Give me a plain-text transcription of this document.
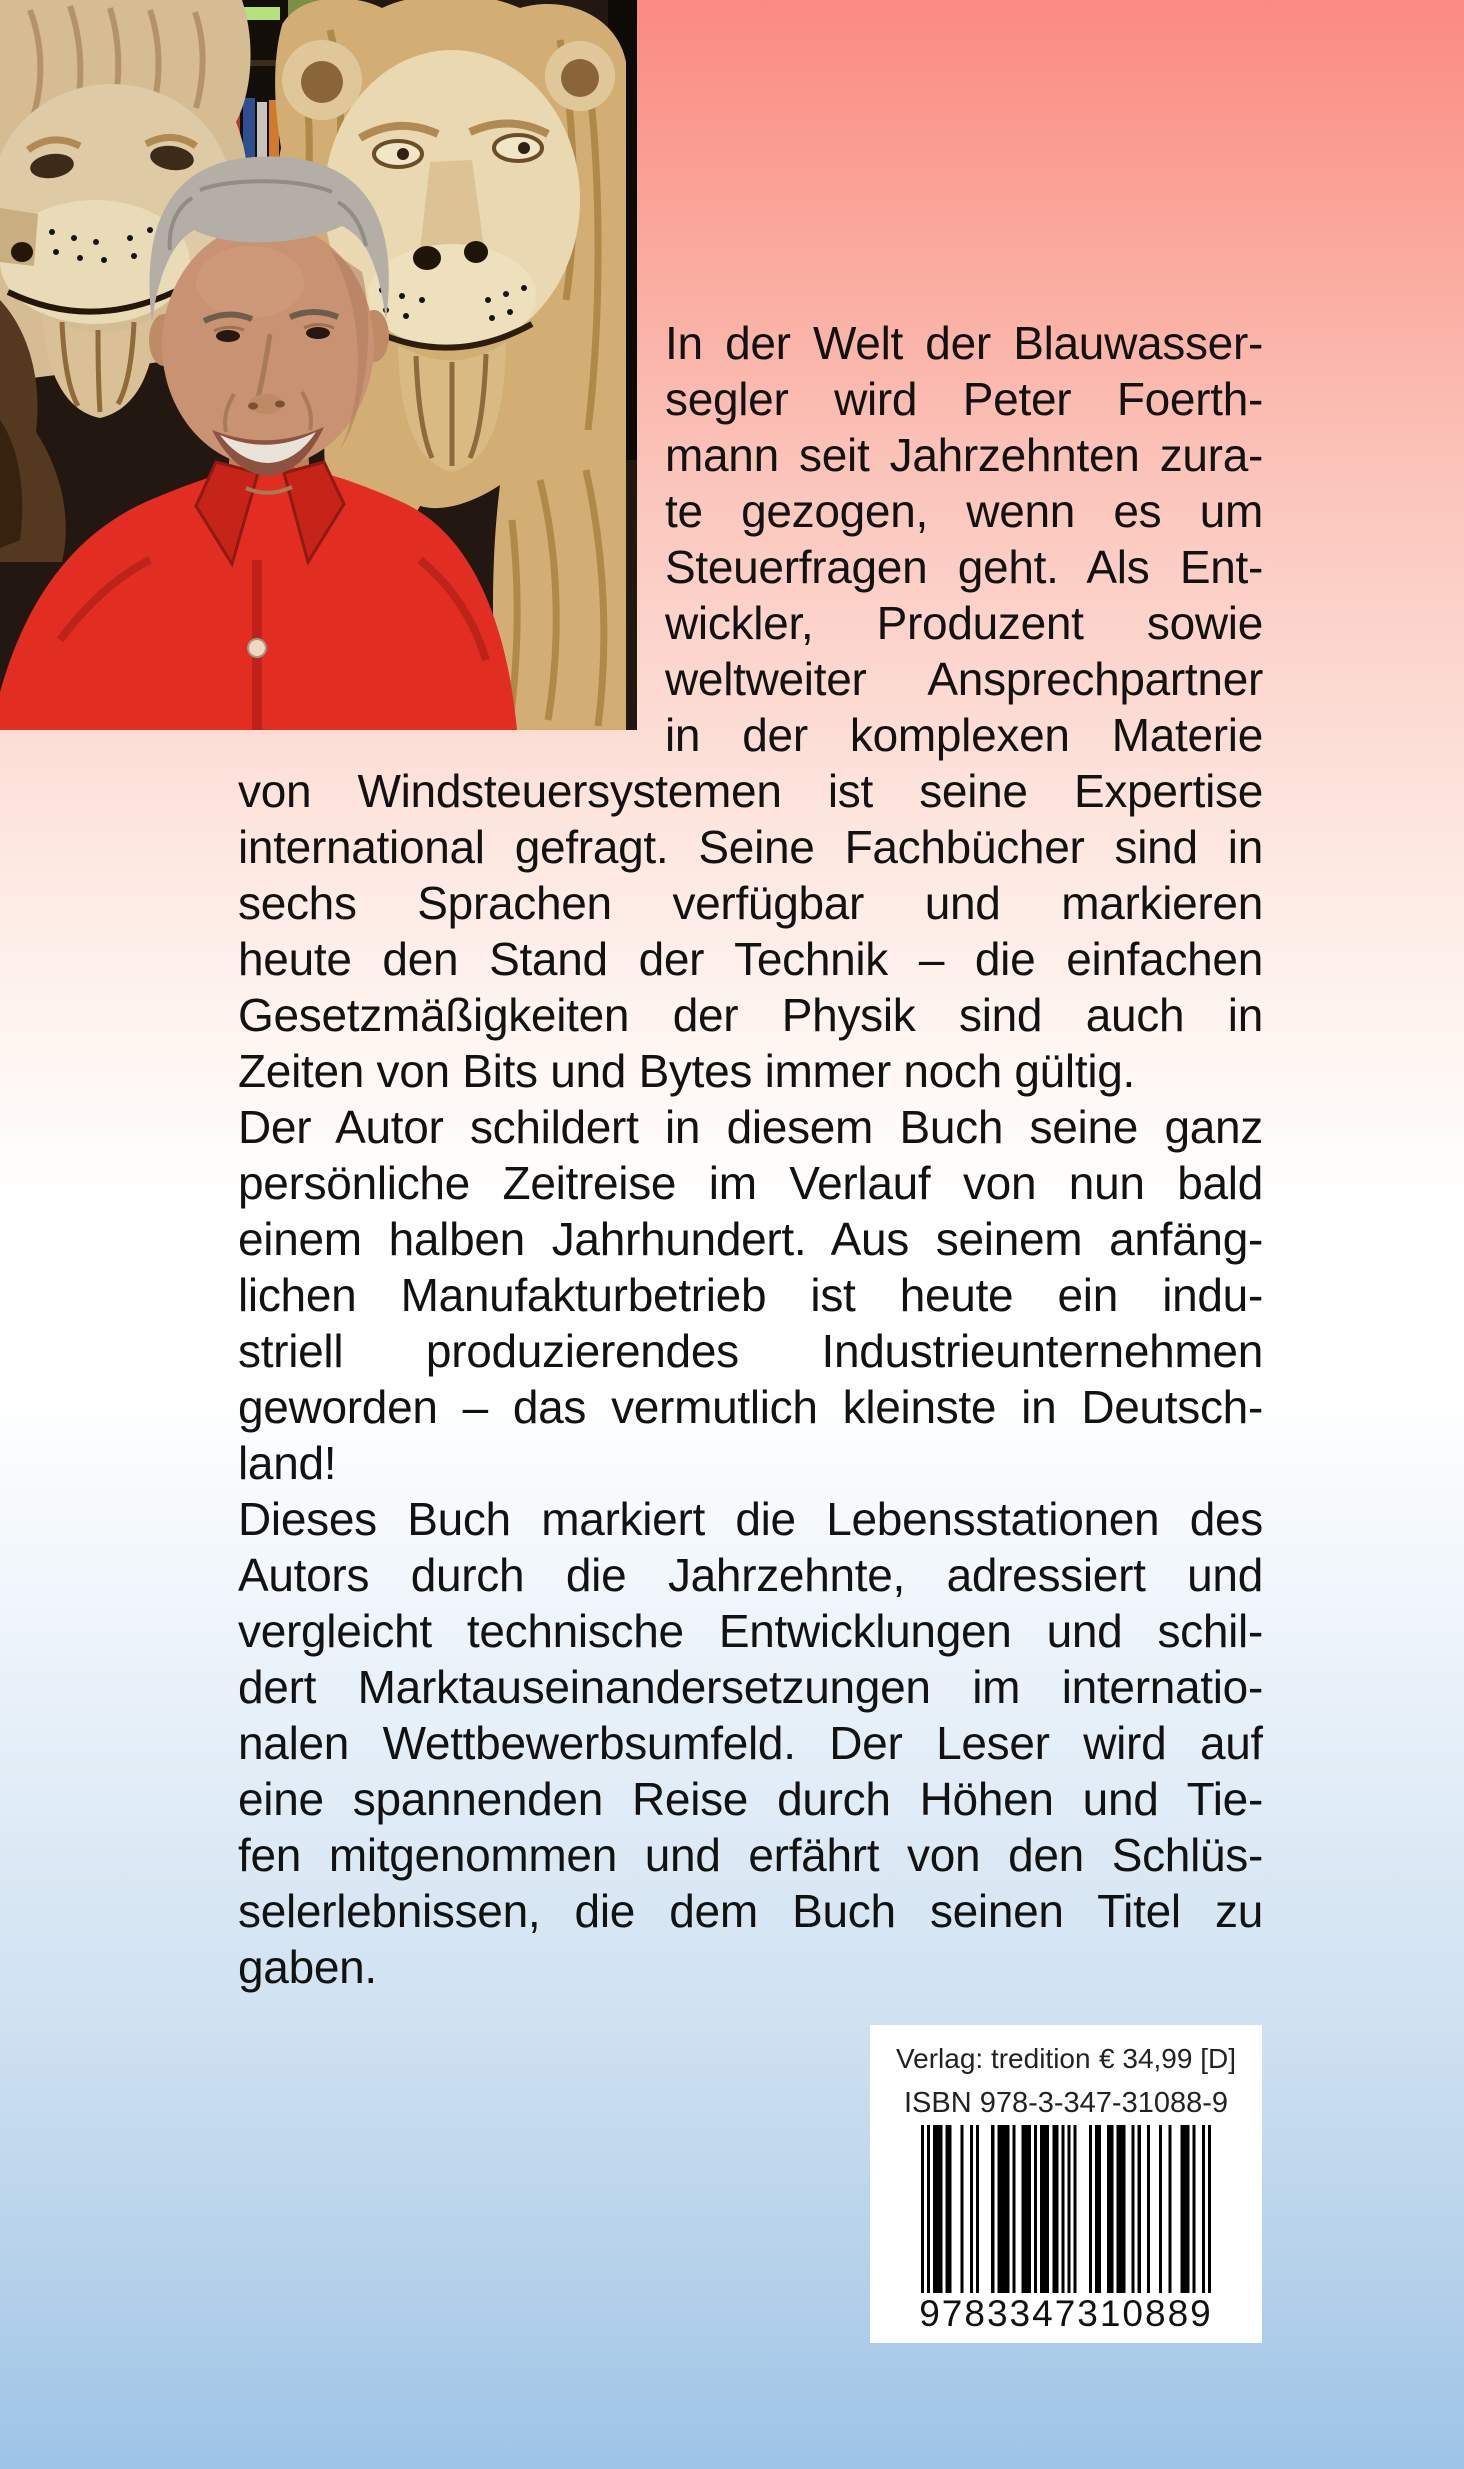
In der Welt der Blauwasser-
segler wird Peter Foerth-
mann seit Jahrzehnten zura-
te gezogen, wenn es um
Steuerfragen geht. Als Ent-
wickler, Produzent sowie
weltweiter Ansprechpartner
in der komplexen Materie
von Windsteuersystemen ist seine Expertise
international gefragt. Seine Fachbücher sind in
sechs Sprachen verfügbar und markieren
heute den Stand der Technik – die einfachen
Gesetzmäßigkeiten der Physik sind auch in
Zeiten von Bits und Bytes immer noch gültig.
Der Autor schildert in diesem Buch seine ganz
persönliche Zeitreise im Verlauf von nun bald
einem halben Jahrhundert. Aus seinem anfäng-
lichen Manufakturbetrieb ist heute ein indu-
striell produzierendes Industrieunternehmen
geworden – das vermutlich kleinste in Deutsch-
land!
Dieses Buch markiert die Lebensstationen des
Autors durch die Jahrzehnte, adressiert und
vergleicht technische Entwicklungen und schil-
dert Marktauseinandersetzungen im internatio-
nalen Wettbewerbsumfeld. Der Leser wird auf
eine spannenden Reise durch Höhen und Tie-
fen mitgenommen und erfährt von den Schlüs-
selerlebnissen, die dem Buch seinen Titel zu
gaben.
Verlag: tredition € 34,99 [D]
ISBN 978-3-347-31088-9
9783347310889
